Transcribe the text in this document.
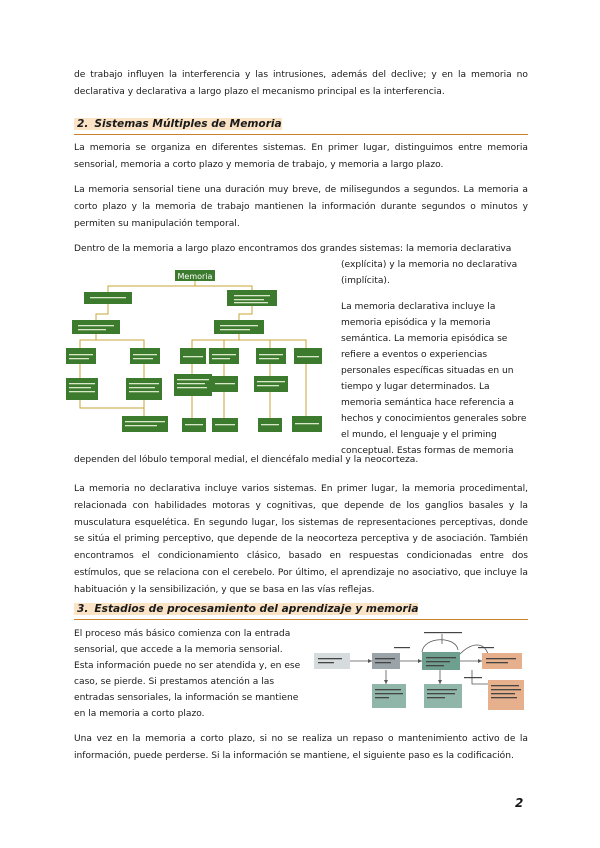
de trabajo influyen la interferencia y las intrusiones, además del declive; y en la memoria no declarativa y declarativa a largo plazo el mecanismo principal es la interferencia.

2. Sistemas Múltiples de Memoria

La memoria se organiza en diferentes sistemas. En primer lugar, distinguimos entre memoria sensorial, memoria a corto plazo y memoria de trabajo, y memoria a largo plazo.

La memoria sensorial tiene una duración muy breve, de milisegundos a segundos. La memoria a corto plazo y la memoria de trabajo mantienen la información durante segundos o minutos y permiten su manipulación temporal.

Dentro de la memoria a largo plazo encontramos dos grandes sistemas: la memoria declarativa

(explícita) y la memoria no declarativa

(implícita).

La memoria declarativa incluye la

memoria episódica y la memoria

semántica. La memoria episódica se

refiere a eventos o experiencias

personales específicas situadas en un

tiempo y lugar determinados. La

memoria semántica hace referencia a

hechos y conocimientos generales sobre

el mundo, el lenguaje y el priming

conceptual. Estas formas de memoria

dependen del lóbulo temporal medial, el diencéfalo medial y la neocorteza.

Memoria

La memoria no declarativa incluye varios sistemas. En primer lugar, la memoria procedimental, relacionada con habilidades motoras y cognitivas, que depende de los ganglios basales y la musculatura esquelética. En segundo lugar, los sistemas de representaciones perceptivas, donde se sitúa el priming perceptivo, que depende de la neocorteza perceptiva y de asociación. También encontramos el condicionamiento clásico, basado en respuestas condicionadas entre dos estímulos, que se relaciona con el cerebelo. Por último, el aprendizaje no asociativo, que incluye la habituación y la sensibilización, y que se basa en las vías reflejas.

3. Estadios de procesamiento del aprendizaje y memoria

El proceso más básico comienza con la entrada

sensorial, que accede a la memoria sensorial.

Esta información puede no ser atendida y, en ese

caso, se pierde. Si prestamos atención a las

entradas sensoriales, la información se mantiene

en la memoria a corto plazo.

Una vez en la memoria a corto plazo, si no se realiza un repaso o mantenimiento activo de la información, puede perderse. Si la información se mantiene, el siguiente paso es la codificación.

2
